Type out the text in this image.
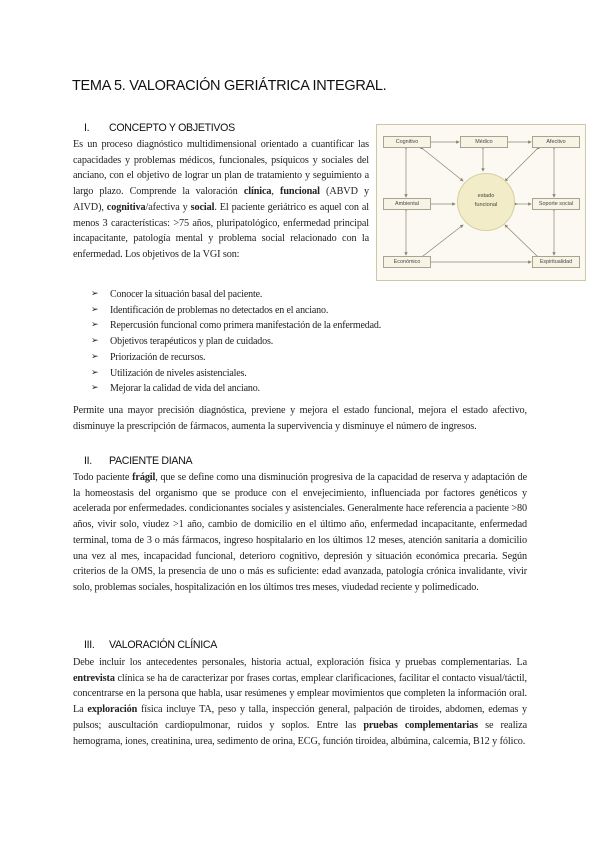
TEMA 5. VALORACIÓN GERIÁTRICA INTEGRAL.
I. CONCEPTO Y OBJETIVOS

Es un proceso diagnóstico multidimensional orientado a cuantificar las capacidades y problemas médicos, funcionales, psíquicos y sociales del anciano, con el objetivo de lograr un plan de tratamiento y seguimiento a largo plazo. Comprende la valoración clínica, funcional (ABVD y AIVD), cognitiva/afectiva y social. El paciente geriátrico es aquel con al menos 3 características: >75 años, pluripatológico, enfermedad principal incapacitante, patología mental y problema social relacionado con la enfermedad. Los objetivos de la VGI son:

➢ Conocer la situación basal del paciente.
➢ Identificación de problemas no detectados en el anciano.
➢ Repercusión funcional como primera manifestación de la enfermedad.
➢ Objetivos terapéuticos y plan de cuidados.
➢ Priorización de recursos.
➢ Utilización de niveles asistenciales.
➢ Mejorar la calidad de vida del anciano.

Permite una mayor precisión diagnóstica, previene y mejora el estado funcional, mejora el estado afectivo, disminuye la prescripción de fármacos, aumenta la supervivencia y disminuye el número de ingresos.

Cognitivo	Médico	Afectivo
Ambiental	Soporte social
Económico	Espiritualidad
estado
funcional
II. PACIENTE DIANA

Todo paciente frágil, que se define como una disminución progresiva de la capacidad de reserva y adaptación de la homeostasis del organismo que se produce con el envejecimiento, influenciada por factores genéticos y acelerada por enfermedades. condicionantes sociales y asistenciales. Generalmente hace referencia a paciente >80 años, vivir solo, viudez >1 año, cambio de domicilio en el último año, enfermedad incapacitante, enfermedad terminal, toma de 3 o más fármacos, ingreso hospitalario en los últimos 12 meses, atención sanitaria a domicilio una vez al mes, incapacidad funcional, deterioro cognitivo, depresión y situación económica precaria. Según criterios de la OMS, la presencia de uno o más es suficiente: edad avanzada, patología crónica invalidante, vivir solo, problemas sociales, hospitalización en los últimos tres meses, viudedad reciente y polimedicado.

III. VALORACIÓN CLÍNICA

Debe incluir los antecedentes personales, historia actual, exploración física y pruebas complementarias. La entrevista clínica se ha de caracterizar por frases cortas, emplear clarificaciones, facilitar el contacto visual/táctil, concentrarse en la persona que habla, usar resúmenes y emplear movimientos que completen la información oral. La exploración física incluye TA, peso y talla, inspección general, palpación de tiroides, abdomen, edemas y pulsos; auscultación cardiopulmonar, ruidos y soplos. Entre las pruebas complementarias se realiza hemograma, iones, creatinina, urea, sedimento de orina, ECG, función tiroidea, albúmina, calcemia, B12 y fólico.
